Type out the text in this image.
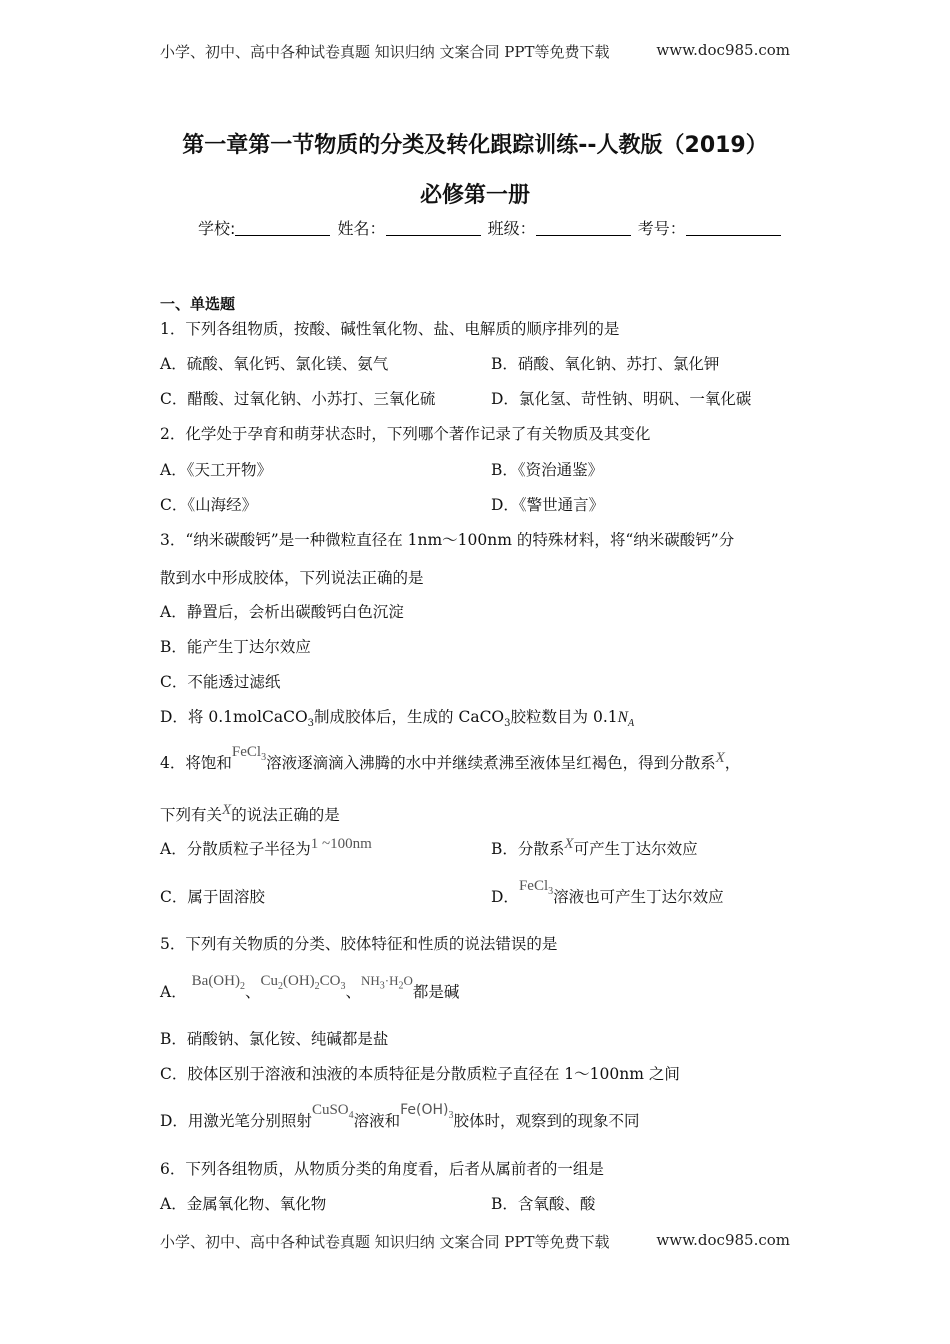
小学、初中、高中各种试卷真题 知识归纳 文案合同 PPT等免费下载	www.doc985.com
第一章第一节物质的分类及转化跟踪训练--人教版（2019）
必修第一册
学校:	姓名：	班级：	考号：
一、单选题
1．下列各组物质，按酸、碱性氧化物、盐、电解质的顺序排列的是
A．硫酸、氧化钙、氯化镁、氨气	B．硝酸、氧化钠、苏打、氯化钾
C．醋酸、过氧化钠、小苏打、三氧化硫	D．氯化氢、苛性钠、明矾、一氧化碳
2．化学处于孕育和萌芽状态时，下列哪个著作记录了有关物质及其变化
A．《天工开物》	B．《资治通鉴》
C．《山海经》	D．《警世通言》
3．“纳米碳酸钙”是一种微粒直径在 1nm～100nm 的特殊材料，将“纳米碳酸钙”分
散到水中形成胶体，下列说法正确的是
A．静置后，会析出碳酸钙白色沉淀
B．能产生丁达尔效应
C．不能透过滤纸
D．将 0.1molCaCO$_3$制成胶体后，生成的 CaCO$_3$胶粒数目为 $0.1N_A$
4．将饱和FeCl$_3$溶液逐滴滴入沸腾的水中并继续煮沸至液体呈红褐色，得到分散系X，
下列有关X的说法正确的是
A．分散质粒子半径为1 ~100nm	B．分散系X可产生丁达尔效应
C．属于固溶胶	D．FeCl$_3$溶液也可产生丁达尔效应
5．下列有关物质的分类、胶体特征和性质的说法错误的是
A． $Ba(OH)_2$、$Cu_2(OH)_2CO_3$、$^{NH_3\cdot H_2O}$都是碱
B．硝酸钠、氯化铵、纯碱都是盐
C．胶体区别于溶液和浊液的本质特征是分散质粒子直径在 1～100nm 之间
D．用激光笔分别照射CuSO$_4$溶液和$Fe(OH)_3$胶体时，观察到的现象不同
6．下列各组物质，从物质分类的角度看，后者从属前者的一组是
A．金属氧化物、氧化物	B．含氧酸、酸
小学、初中、高中各种试卷真题 知识归纳 文案合同 PPT等免费下载	www.doc985.com
